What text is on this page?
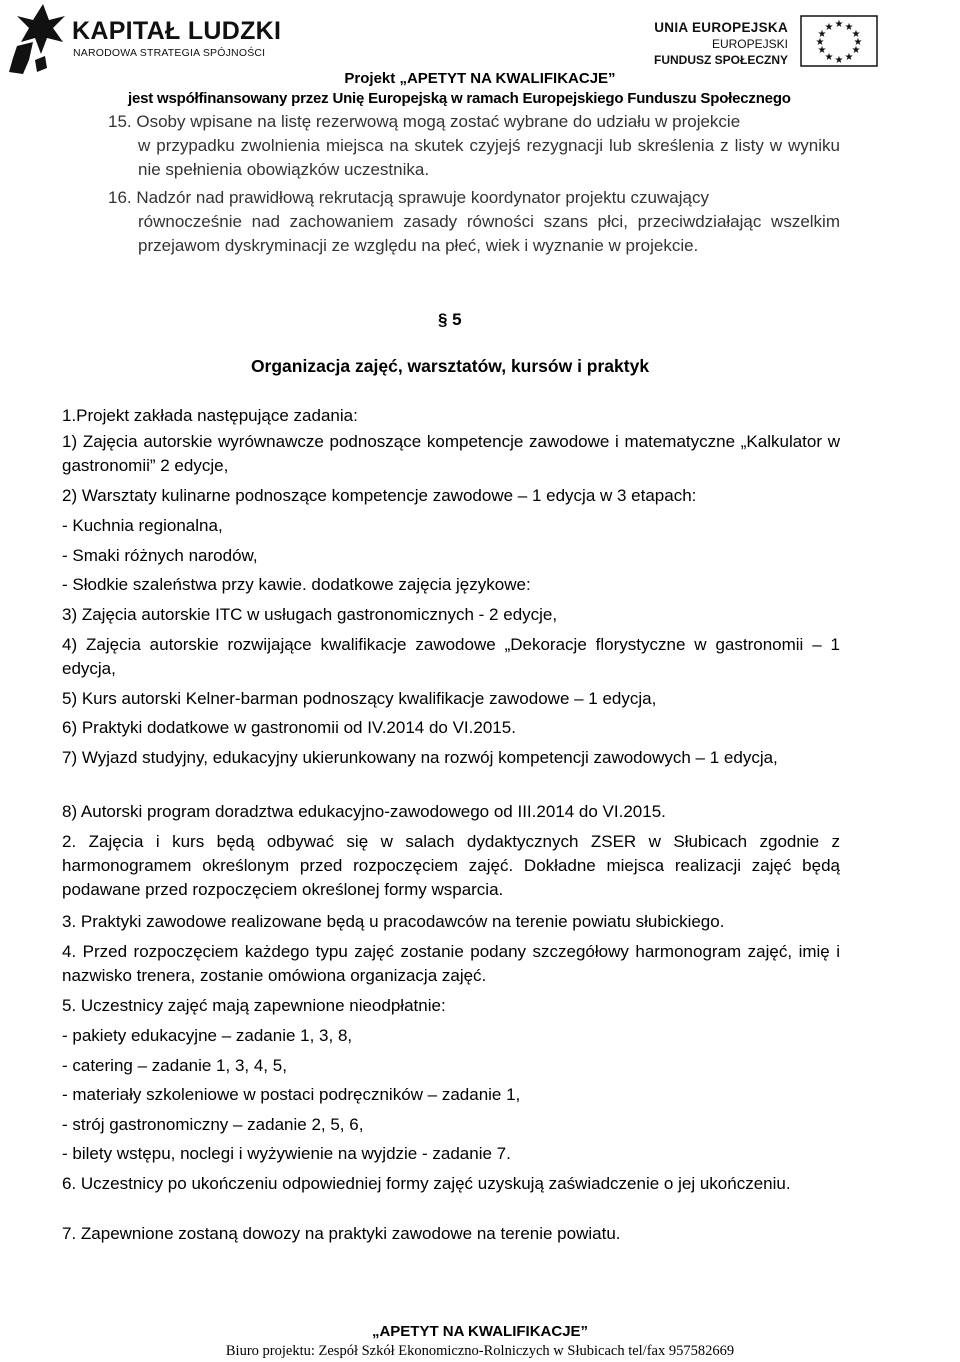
KAPITAŁ LUDZKI
NARODOWA STRATEGIA SPÓJNOŚCI
UNIA EUROPEJSKA
EUROPEJSKI
FUNDUSZ SPOŁECZNY
★ ★
★
★
★
★
★
★
★
★
★
★
Projekt „APETYT NA KWALIFIKACJE”
jest współfinansowany przez Unię Europejską w ramach Europejskiego Funduszu Społecznego
15. Osoby wpisane na listę rezerwową mogą zostać wybrane do udziału w projekcie
w przypadku zwolnienia miejsca na skutek czyjejś rezygnacji lub skreślenia z listy w wyniku nie spełnienia obowiązków uczestnika.
16. Nadzór nad prawidłową rekrutacją sprawuje koordynator projektu czuwający
równocześnie nad zachowaniem zasady równości szans płci, przeciwdziałając wszelkim przejawom dyskryminacji ze względu na płeć, wiek i wyznanie w projekcie.
§ 5
Organizacja zajęć, warsztatów, kursów i praktyk
1.Projekt zakłada następujące zadania:
1) Zajęcia autorskie wyrównawcze podnoszące kompetencje zawodowe i matematyczne „Kalkulator w gastronomii” 2 edycje,
2) Warsztaty kulinarne podnoszące kompetencje zawodowe – 1 edycja w 3 etapach:
- Kuchnia regionalna,
- Smaki różnych narodów,
- Słodkie szaleństwa przy kawie. dodatkowe zajęcia językowe:
3) Zajęcia autorskie ITC w usługach gastronomicznych - 2 edycje,
4) Zajęcia autorskie rozwijające kwalifikacje zawodowe „Dekoracje florystyczne w gastronomii – 1 edycja,
5) Kurs autorski Kelner-barman podnoszący kwalifikacje zawodowe – 1 edycja,
6) Praktyki dodatkowe w gastronomii od IV.2014 do VI.2015.
7) Wyjazd studyjny, edukacyjny ukierunkowany na rozwój kompetencji zawodowych – 1 edycja,
8) Autorski program doradztwa edukacyjno-zawodowego od III.2014 do VI.2015.
2. Zajęcia i kurs będą odbywać się w salach dydaktycznych ZSER w Słubicach zgodnie z harmonogramem określonym przed rozpoczęciem zajęć. Dokładne miejsca realizacji zajęć będą podawane przed rozpoczęciem określonej formy wsparcia.
3. Praktyki zawodowe realizowane będą u pracodawców na terenie powiatu słubickiego.
4. Przed rozpoczęciem każdego typu zajęć zostanie podany szczegółowy harmonogram zajęć, imię i nazwisko trenera, zostanie omówiona organizacja zajęć.
5. Uczestnicy zajęć mają zapewnione nieodpłatnie:
- pakiety edukacyjne – zadanie 1, 3, 8,
- catering – zadanie 1, 3, 4, 5,
- materiały szkoleniowe w postaci podręczników – zadanie 1,
- strój gastronomiczny – zadanie 2, 5, 6,
- bilety wstępu, noclegi i wyżywienie na wyjdzie - zadanie 7.
6. Uczestnicy po ukończeniu odpowiedniej formy zajęć uzyskują zaświadczenie o jej ukończeniu.
7. Zapewnione zostaną dowozy na praktyki zawodowe na terenie powiatu.
„APETYT NA KWALIFIKACJE”
Biuro projektu: Zespół Szkół Ekonomiczno-Rolniczych w Słubicach tel/fax 957582669
